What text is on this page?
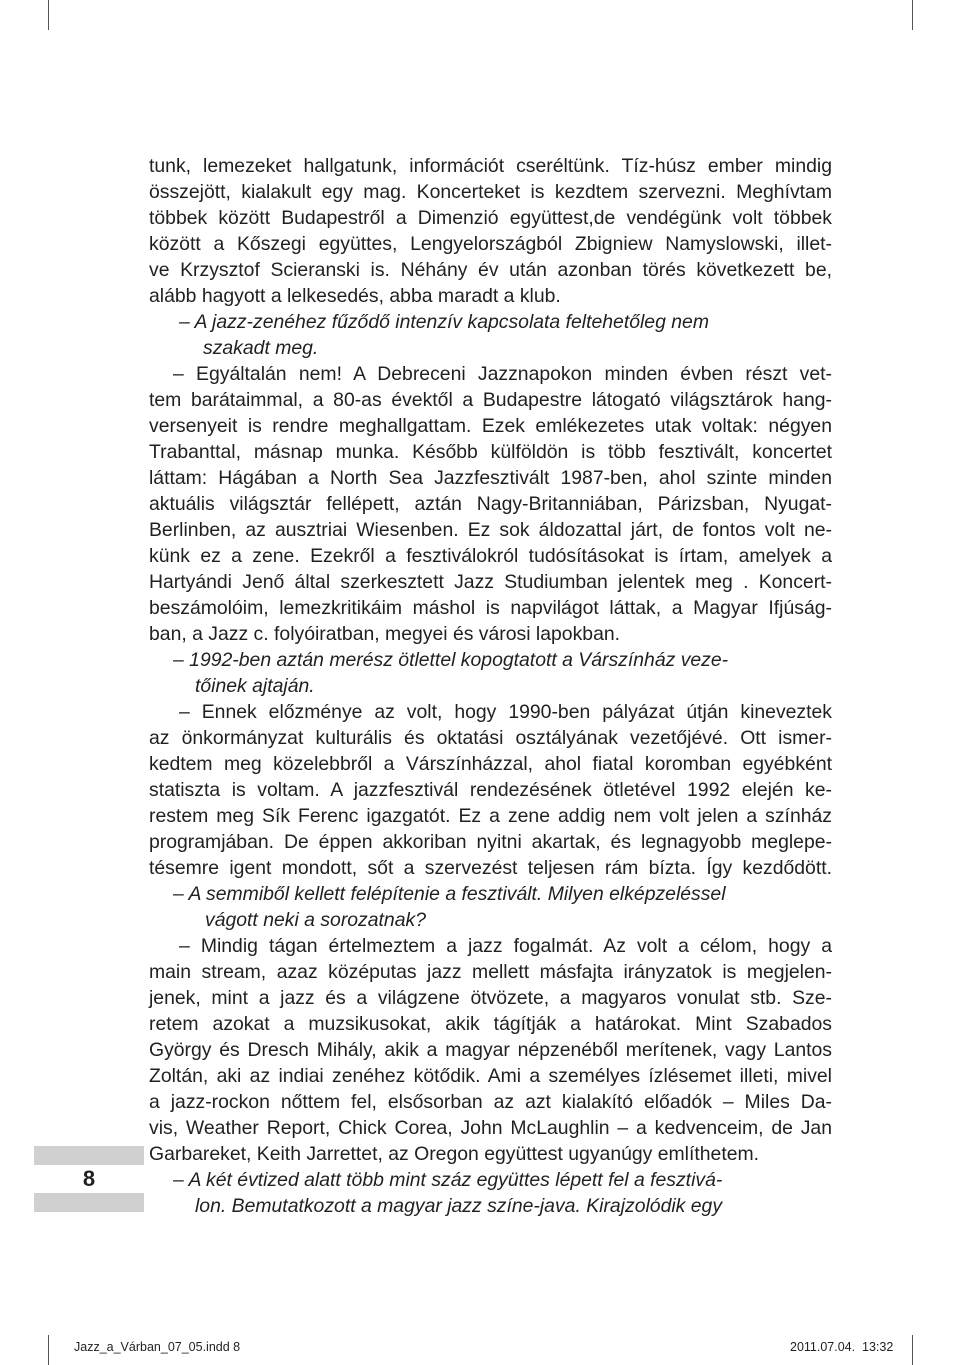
tunk, lemezeket hallgatunk, információt cseréltünk. Tíz-húsz ember mindig
összejött, kialakult egy mag. Koncerteket is kezdtem szervezni. Meghívtam
többek között Budapestről a Dimenzió együttest,de vendégünk volt többek
között a Kőszegi együttes, Lengyelországból Zbigniew Namyslowski, illet-
ve Krzysztof Scieranski is. Néhány év után azonban törés következett be,
alább hagyott a lelkesedés, abba maradt a klub.
– A jazz-zenéhez fűződő intenzív kapcsolata feltehetőleg nem
szakadt meg.
– Egyáltalán nem! A Debreceni Jazznapokon minden évben részt vet-
tem barátaimmal, a 80-as évektől a Budapestre látogató világsztárok hang-
versenyeit is rendre meghallgattam. Ezek emlékezetes utak voltak: négyen
Trabanttal, másnap munka. Később külföldön is több fesztivált, koncertet
láttam: Hágában a North Sea Jazzfesztivált 1987-ben, ahol szinte minden
aktuális világsztár fellépett, aztán Nagy-Britanniában, Párizsban, Nyugat-
Berlinben, az ausztriai Wiesenben. Ez sok áldozattal járt, de fontos volt ne-
künk ez a zene. Ezekről a fesztiválokról tudósításokat is írtam, amelyek a
Hartyándi Jenő által szerkesztett Jazz Studiumban jelentek meg . Koncert-
beszámolóim, lemezkritikáim máshol is napvilágot láttak, a Magyar Ifjúság-
ban, a Jazz c. folyóiratban, megyei és városi lapokban.
– 1992-ben aztán merész ötlettel kopogtatott a Várszínház veze-
tőinek ajtaján.
– Ennek előzménye az volt, hogy 1990-ben pályázat útján kineveztek
az önkormányzat kulturális és oktatási osztályának vezetőjévé. Ott ismer-
kedtem meg közelebbről a Várszínházzal, ahol fiatal koromban egyébként
statiszta is voltam. A jazzfesztivál rendezésének ötletével 1992 elején ke-
restem meg Sík Ferenc igazgatót. Ez a zene addig nem volt jelen a színház
programjában. De éppen akkoriban nyitni akartak, és legnagyobb meglepe-
tésemre igent mondott, sőt a szervezést teljesen rám bízta. Így kezdődött.
– A semmiből kellett felépítenie a fesztivált. Milyen elképzeléssel
vágott neki a sorozatnak?
– Mindig tágan értelmeztem a jazz fogalmát. Az volt a célom, hogy a
main stream, azaz középutas jazz mellett másfajta irányzatok is megjelen-
jenek, mint a jazz és a világzene ötvözete, a magyaros vonulat stb. Sze-
retem azokat a muzsikusokat, akik tágítják a határokat. Mint Szabados
György és Dresch Mihály, akik a magyar népzenéből merítenek, vagy Lantos
Zoltán, aki az indiai zenéhez kötődik. Ami a személyes ízlésemet illeti, mivel
a jazz-rockon nőttem fel, elsősorban az azt kialakító előadók – Miles Da-
vis, Weather Report, Chick Corea, John McLaughlin – a kedvenceim, de Jan
Garbareket, Keith Jarrettet, az Oregon együttest ugyanúgy említhetem.
– A két évtized alatt több mint száz együttes lépett fel a fesztivá-
lon. Bemutatkozott a magyar jazz színe-java. Kirajzolódik egy
8
Jazz_a_Várban_07_05.indd 8	2011.07.04. 13:32
